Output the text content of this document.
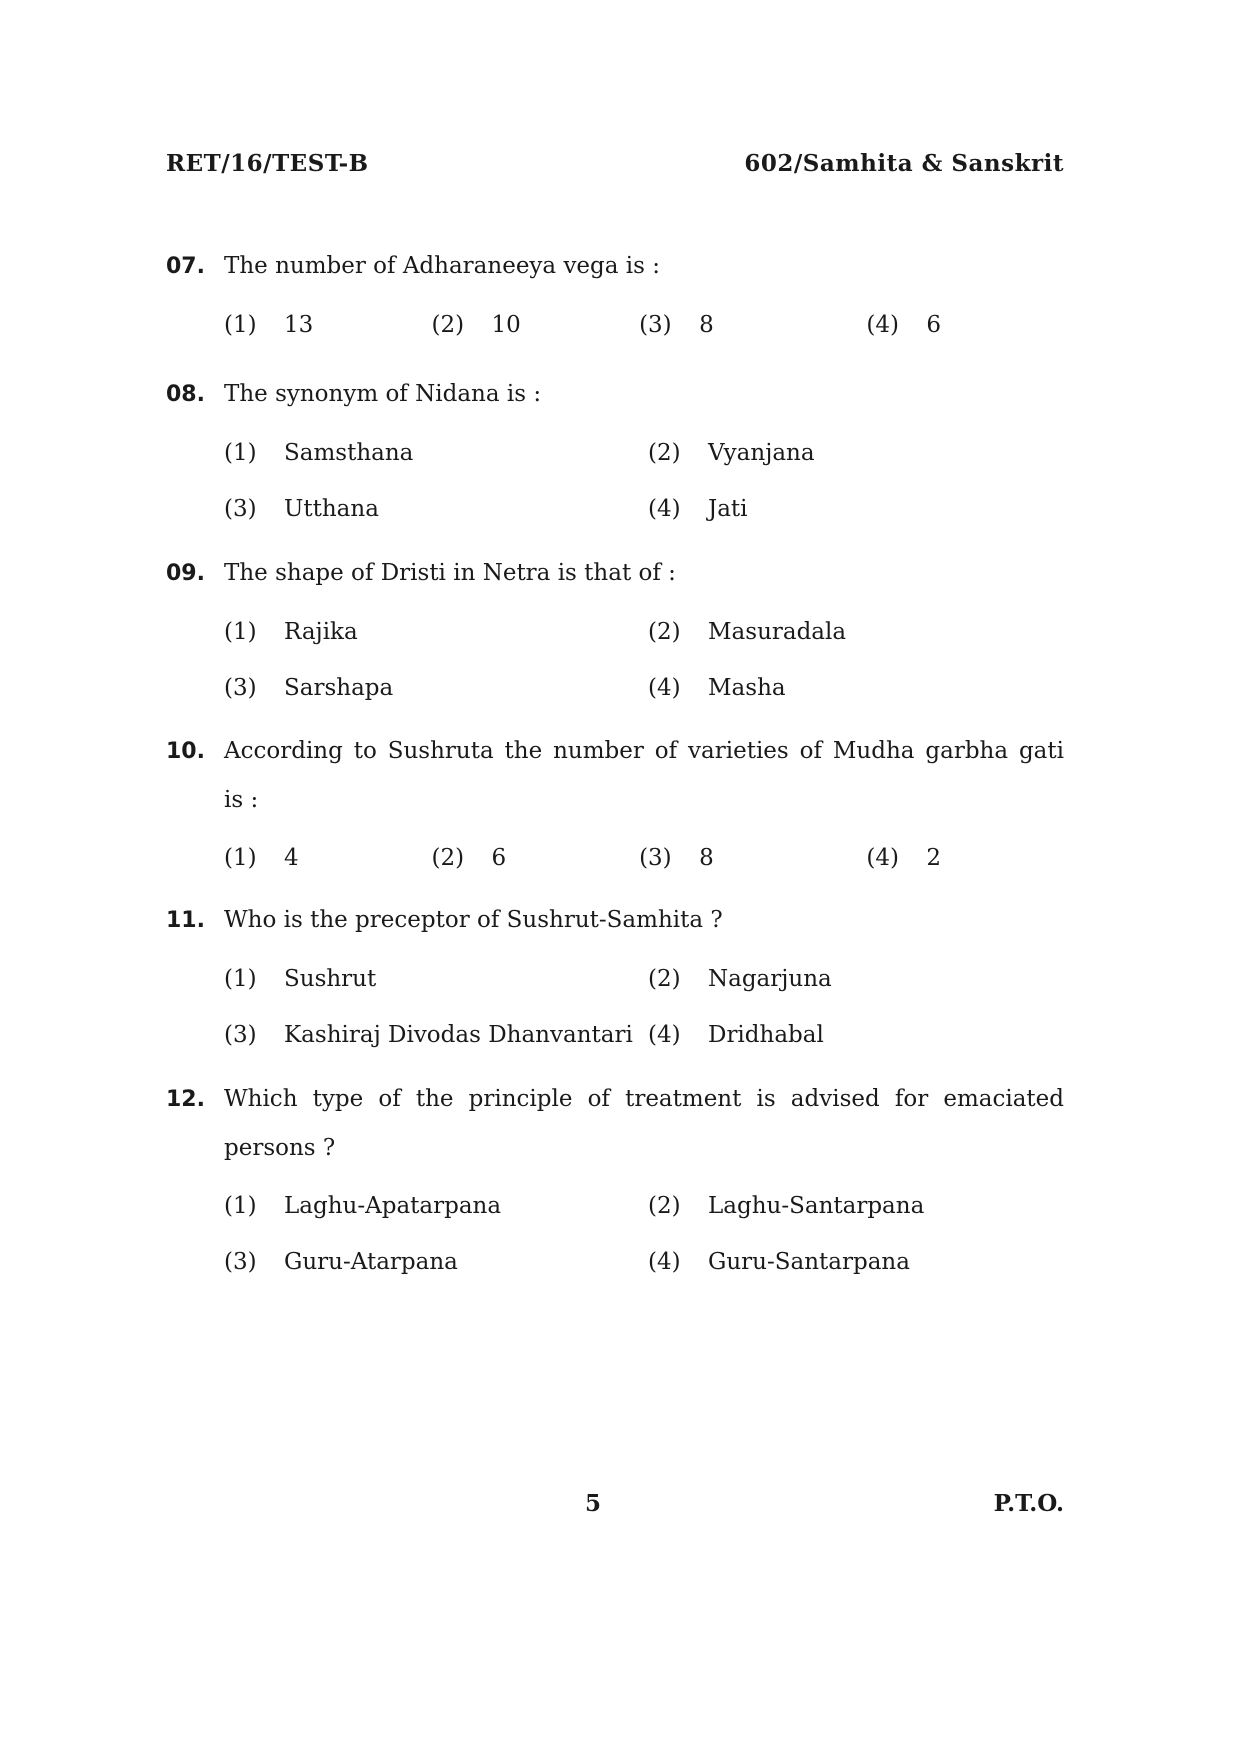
RET/16/TEST-B	602/Samhita & Sanskrit
07. The number of Adharaneeya vega is :
(1)	13	(2)	10	(3)	8	(4)	6
08. The synonym of Nidana is :
(1)	Samsthana	(2)	Vyanjana
(3)	Utthana	(4)	Jati
09. The shape of Dristi in Netra is that of :
(1)	Rajika	(2)	Masuradala
(3)	Sarshapa	(4)	Masha
10. According to Sushruta the number of varieties of Mudha garbha gati
is :
(1)	4	(2)	6	(3)	8	(4)	2
11. Who is the preceptor of Sushrut-Samhita ?
(1)	Sushrut	(2)	Nagarjuna
(3)	Kashiraj Divodas Dhanvantari (4)	Dridhabal
12. Which type of the principle of treatment is advised for emaciated
persons ?
(1)	Laghu-Apatarpana	(2)	Laghu-Santarpana
(3)	Guru-Atarpana	(4)	Guru-Santarpana
5	P.T.O.
